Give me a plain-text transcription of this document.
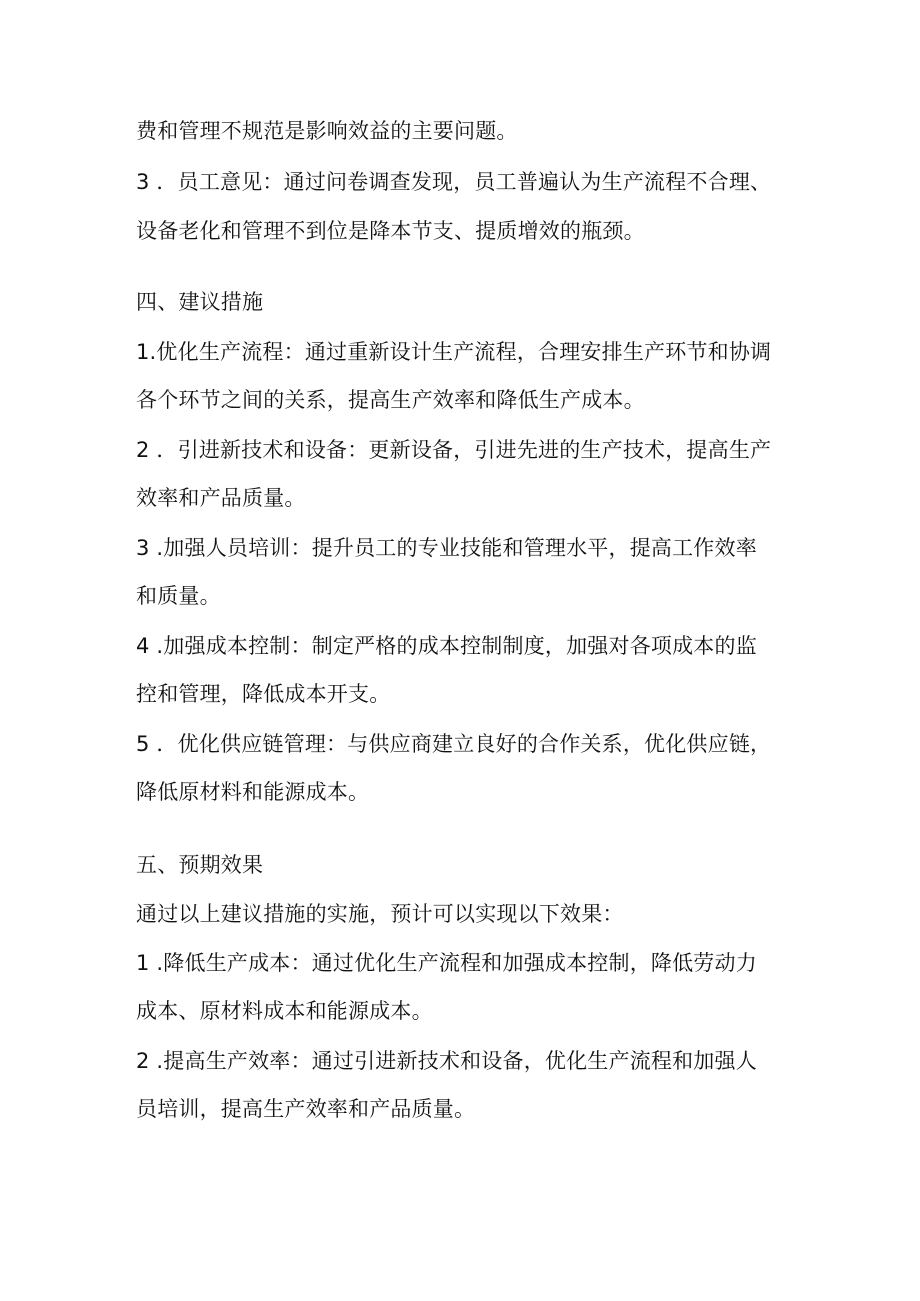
费和管理不规范是影响效益的主要问题。
3 ．员工意见：通过问卷调查发现，员工普遍认为生产流程不合理、
设备老化和管理不到位是降本节支、提质增效的瓶颈。
四、建议措施
1.优化生产流程：通过重新设计生产流程，合理安排生产环节和协调
各个环节之间的关系，提高生产效率和降低生产成本。
2 ．引进新技术和设备：更新设备，引进先进的生产技术，提高生产
效率和产品质量。
3 .加强人员培训：提升员工的专业技能和管理水平，提高工作效率
和质量。
4 .加强成本控制：制定严格的成本控制制度，加强对各项成本的监
控和管理，降低成本开支。
5 ．优化供应链管理：与供应商建立良好的合作关系，优化供应链，
降低原材料和能源成本。
五、预期效果
通过以上建议措施的实施，预计可以实现以下效果：
1 .降低生产成本：通过优化生产流程和加强成本控制，降低劳动力
成本、原材料成本和能源成本。
2 .提高生产效率：通过引进新技术和设备，优化生产流程和加强人
员培训，提高生产效率和产品质量。
